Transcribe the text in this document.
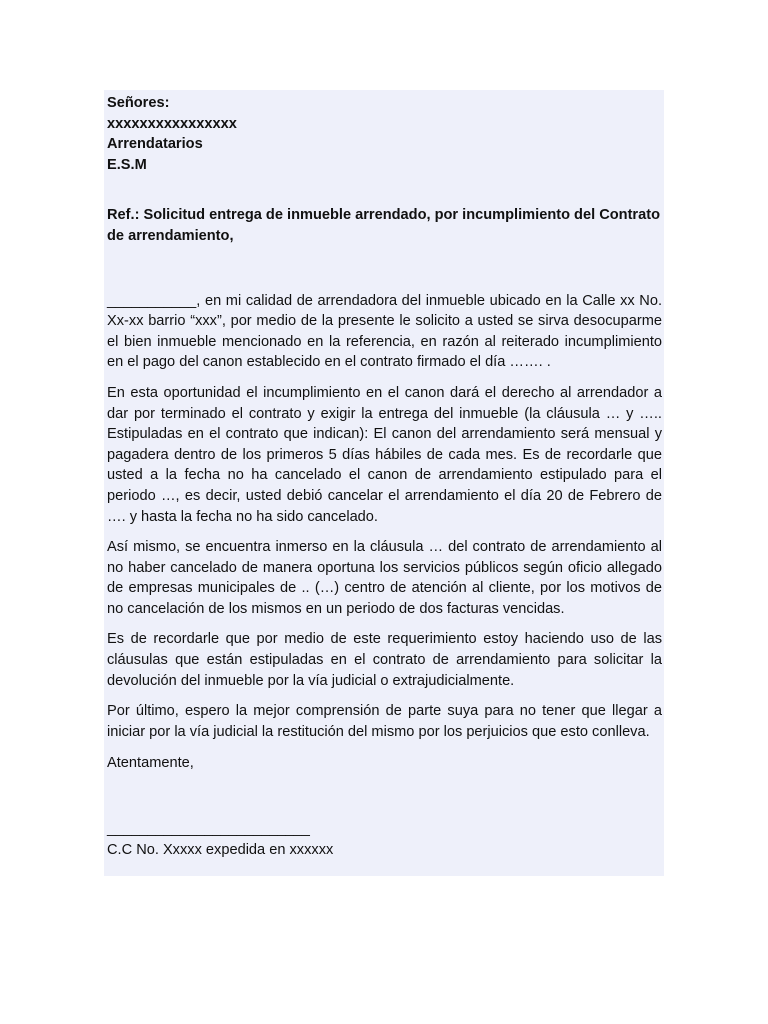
Señores:
xxxxxxxxxxxxxxxx
Arrendatarios
E.S.M
Ref.: Solicitud entrega de inmueble arrendado, por incumplimiento del Contrato de arrendamiento,

___________, en mi calidad de arrendadora del inmueble ubicado en la Calle xx No. Xx-xx barrio “xxx”, por medio de la presente le solicito a usted se sirva desocuparme el bien inmueble mencionado en la referencia, en razón al reiterado incumplimiento en el pago del canon establecido en el contrato firmado el día ……. .

En esta oportunidad el incumplimiento en el canon dará el derecho al arrendador a dar por terminado el contrato y exigir la entrega del inmueble (la cláusula … y ….. Estipuladas en el contrato que indican): El canon del arrendamiento será mensual y pagadera dentro de los primeros 5 días hábiles de cada mes. Es de recordarle que usted a la fecha no ha cancelado el canon de arrendamiento estipulado para el periodo …, es decir, usted debió cancelar el arrendamiento el día 20 de Febrero de …. y hasta la fecha no ha sido cancelado.

Así mismo, se encuentra inmerso en la cláusula … del contrato de arrendamiento al no haber cancelado de manera oportuna los servicios públicos según oficio allegado de empresas municipales de .. (…) centro de atención al cliente, por los motivos de no cancelación de los mismos en un periodo de dos facturas vencidas.

Es de recordarle que por medio de este requerimiento estoy haciendo uso de las cláusulas que están estipuladas en el contrato de arrendamiento para solicitar la devolución del inmueble por la vía judicial o extrajudicialmente.

Por último, espero la mejor comprensión de parte suya para no tener que llegar a iniciar por la vía judicial la restitución del mismo por los perjuicios que esto conlleva.

Atentamente,
_________________________
C.C No. Xxxxx expedida en xxxxxx
